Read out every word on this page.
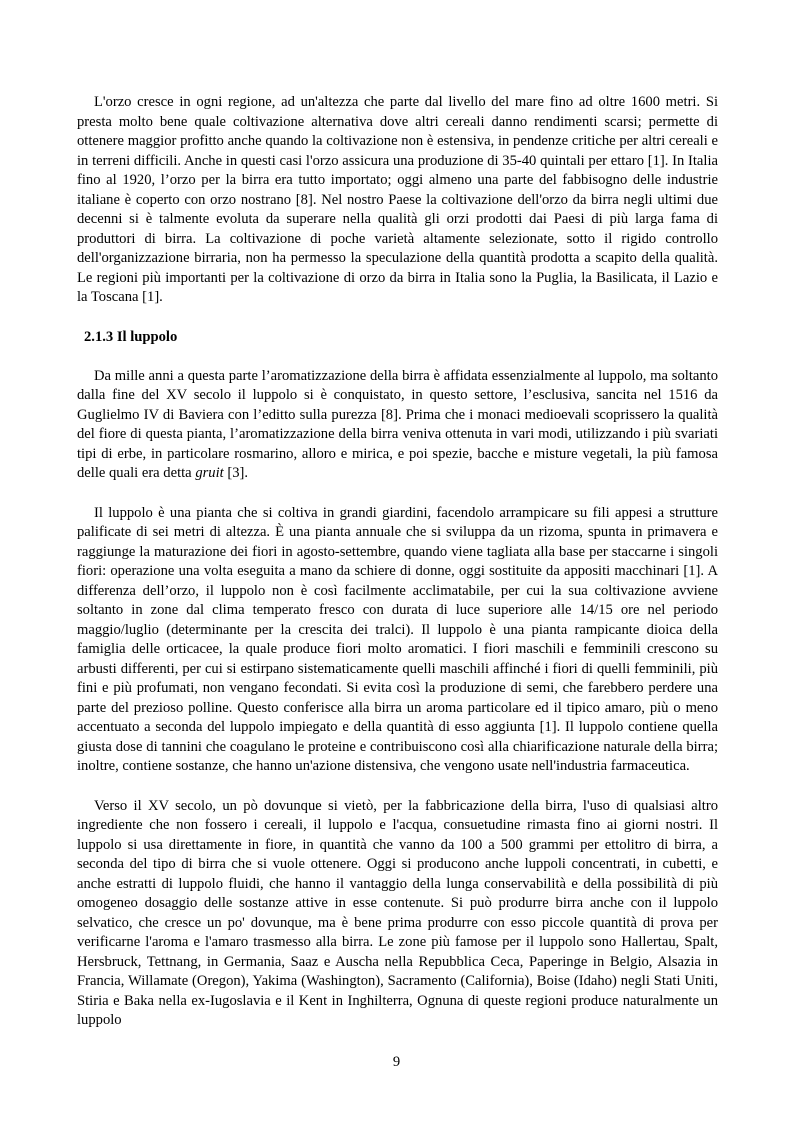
L'orzo cresce in ogni regione, ad un'altezza che parte dal livello del mare fino ad oltre 1600 metri. Si presta molto bene quale coltivazione alternativa dove altri cereali danno rendimenti scarsi; permette di ottenere maggior profitto anche quando la coltivazione non è estensiva, in pendenze critiche per altri cereali e in terreni difficili. Anche in questi casi l'orzo assicura una produzione di 35-40 quintali per ettaro [1]. In Italia fino al 1920, l’orzo per la birra era tutto importato; oggi almeno una parte del fabbisogno delle industrie italiane è coperto con orzo nostrano [8]. Nel nostro Paese la coltivazione dell'orzo da birra negli ultimi due decenni si è talmente evoluta da superare nella qualità gli orzi prodotti dai Paesi di più larga fama di produttori di birra. La coltivazione di poche varietà altamente selezionate, sotto il rigido controllo dell'organizzazione birraria, non ha permesso la speculazione della quantità prodotta a scapito della qualità. Le regioni più importanti per la coltivazione di orzo da birra in Italia sono la Puglia, la Basilicata, il Lazio e la Toscana [1].

2.1.3 Il luppolo

Da mille anni a questa parte l’aromatizzazione della birra è affidata essenzialmente al luppolo, ma soltanto dalla fine del XV secolo il luppolo si è conquistato, in questo settore, l’esclusiva, sancita nel 1516 da Guglielmo IV di Baviera con l’editto sulla purezza [8]. Prima che i monaci medioevali scoprissero la qualità del fiore di questa pianta, l’aromatizzazione della birra veniva ottenuta in vari modi, utilizzando i più svariati tipi di erbe, in particolare rosmarino, alloro e mirica, e poi spezie, bacche e misture vegetali, la più famosa delle quali era detta gruit [3].

Il luppolo è una pianta che si coltiva in grandi giardini, facendolo arrampicare su fili appesi a strutture palificate di sei metri di altezza. È una pianta annuale che si sviluppa da un rizoma, spunta in primavera e raggiunge la maturazione dei fiori in agosto-settembre, quando viene tagliata alla base per staccarne i singoli fiori: operazione una volta eseguita a mano da schiere di donne, oggi sostituite da appositi macchinari [1]. A differenza dell’orzo, il luppolo non è così facilmente acclimatabile, per cui la sua coltivazione avviene soltanto in zone dal clima temperato fresco con durata di luce superiore alle 14/15 ore nel periodo maggio/luglio (determinante per la crescita dei tralci). Il luppolo è una pianta rampicante dioica della famiglia delle orticacee, la quale produce fiori molto aromatici. I fiori maschili e femminili crescono su arbusti differenti, per cui si estirpano sistematicamente quelli maschili affinché i fiori di quelli femminili, più fini e più profumati, non vengano fecondati. Si evita così la produzione di semi, che farebbero perdere una parte del prezioso polline. Questo conferisce alla birra un aroma particolare ed il tipico amaro, più o meno accentuato a seconda del luppolo impiegato e della quantità di esso aggiunta [1]. Il luppolo contiene quella giusta dose di tannini che coagulano le proteine e contribuiscono così alla chiarificazione naturale della birra; inoltre, contiene sostanze, che hanno un'azione distensiva, che vengono usate nell'industria farmaceutica.

Verso il XV secolo, un pò dovunque si vietò, per la fabbricazione della birra, l'uso di qualsiasi altro ingrediente che non fossero i cereali, il luppolo e l'acqua, consuetudine rimasta fino ai giorni nostri. Il luppolo si usa direttamente in fiore, in quantità che vanno da 100 a 500 grammi per ettolitro di birra, a seconda del tipo di birra che si vuole ottenere. Oggi si producono anche luppoli concentrati, in cubetti, e anche estratti di luppolo fluidi, che hanno il vantaggio della lunga conservabilità e della possibilità di più omogeneo dosaggio delle sostanze attive in esse contenute. Si può produrre birra anche con il luppolo selvatico, che cresce un po' dovunque, ma è bene prima produrre con esso piccole quantità di prova per verificarne l'aroma e l'amaro trasmesso alla birra. Le zone più famose per il luppolo sono Hallertau, Spalt, Hersbruck, Tettnang, in Germania, Saaz e Auscha nella Repubblica Ceca, Paperinge in Belgio, Alsazia in Francia, Willamate (Oregon), Yakima (Washington), Sacramento (California), Boise (Idaho) negli Stati Uniti, Stiria e Baka nella ex-Iugoslavia e il Kent in Inghilterra, Ognuna di queste regioni produce naturalmente un luppolo

9
